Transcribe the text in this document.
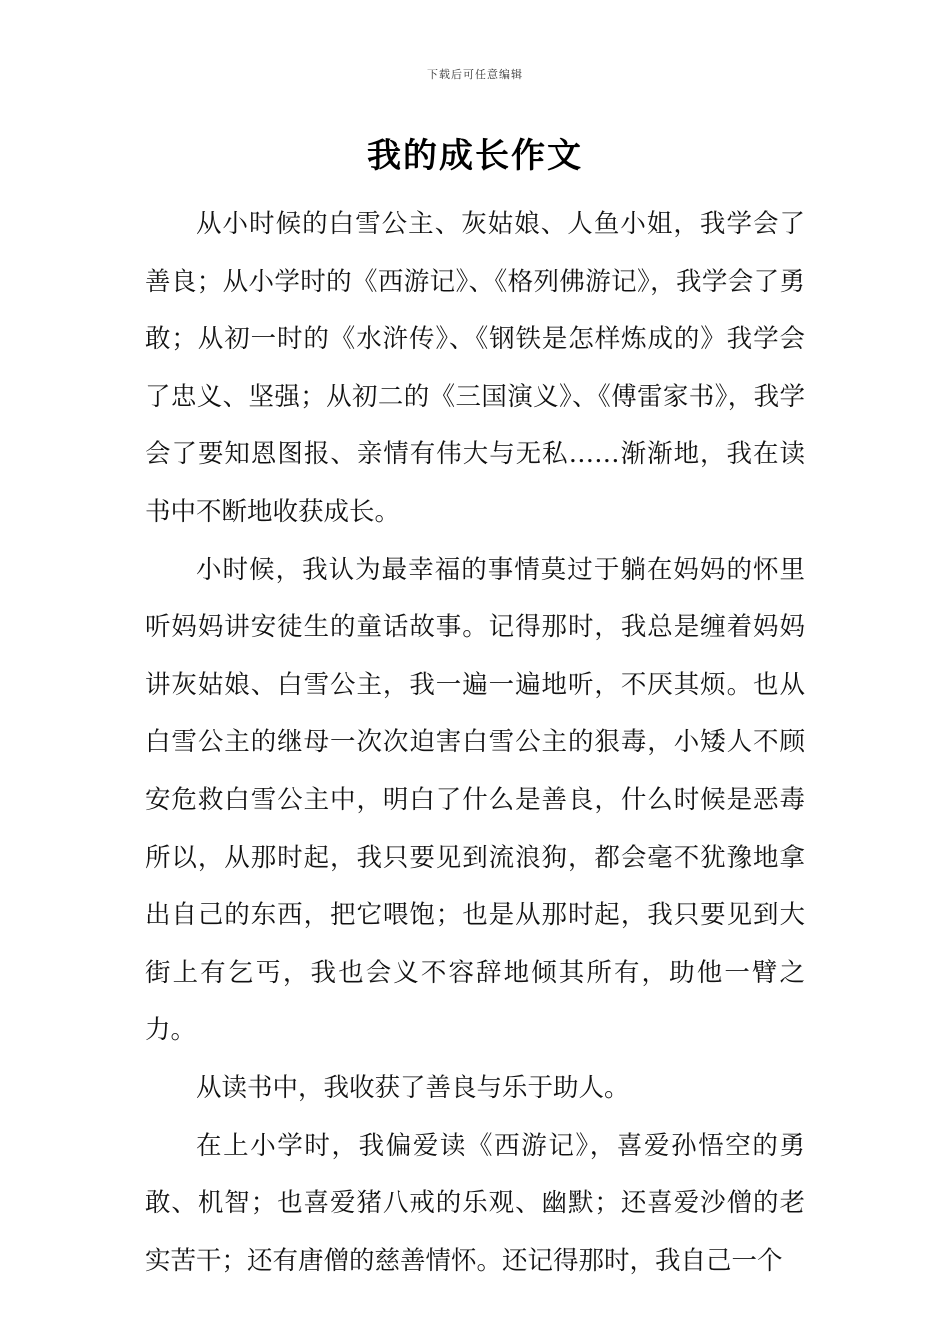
下载后可任意编辑
我的成长作文

从小时候的白雪公主、灰姑娘、人鱼小姐，我学会了善良；从小学时的《西游记》、《格列佛游记》，我学会了勇敢；从初一时的《水浒传》、《钢铁是怎样炼成的》我学会了忠义、坚强；从初二的《三国演义》、《傅雷家书》，我学会了要知恩图报、亲情有伟大与无私……渐渐地，我在读书中不断地收获成长。

小时候，我认为最幸福的事情莫过于躺在妈妈的怀里听妈妈讲安徒生的童话故事。记得那时，我总是缠着妈妈讲灰姑娘、白雪公主，我一遍一遍地听，不厌其烦。也从白雪公主的继母一次次迫害白雪公主的狠毒，小矮人不顾安危救白雪公主中，明白了什么是善良，什么时候是恶毒所以，从那时起，我只要见到流浪狗，都会毫不犹豫地拿出自己的东西，把它喂饱；也是从那时起，我只要见到大街上有乞丐，我也会义不容辞地倾其所有，助他一臂之力。

从读书中，我收获了善良与乐于助人。

在上小学时，我偏爱读《西游记》，喜爱孙悟空的勇敢、机智；也喜爱猪八戒的乐观、幽默；还喜爱沙僧的老实苦干；还有唐僧的慈善情怀。还记得那时，我自己一个
